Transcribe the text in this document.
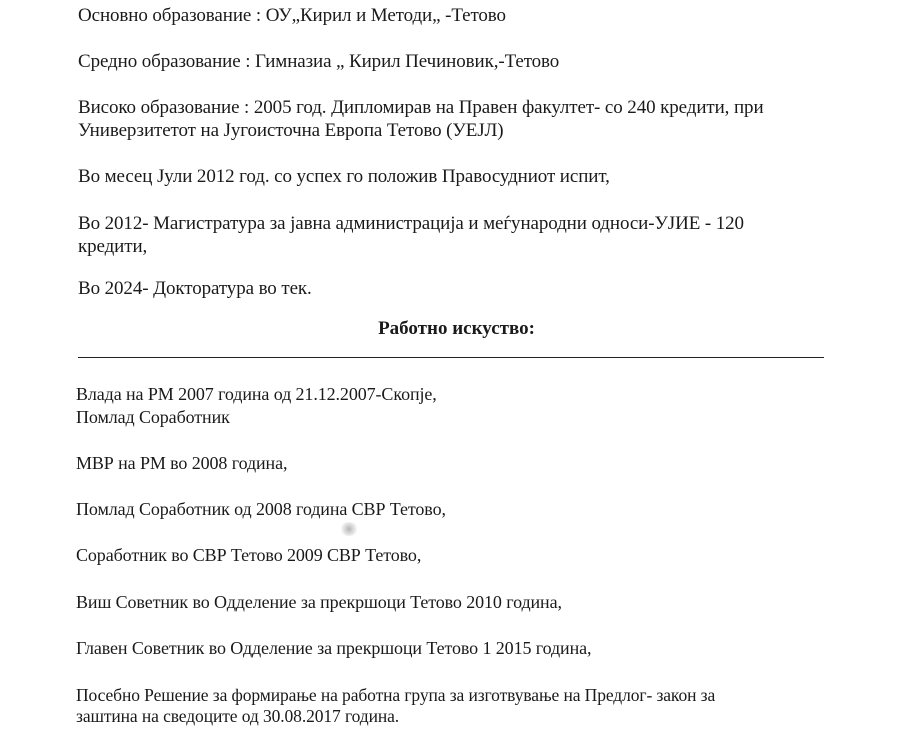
Основно образование : ОУ„Кирил и Методи„ -Тетово
Средно образование : Гимназиа „ Кирил Печиновик,-Тетово
Високо образование : 2005 год. Дипломирав на Правен факултет- со 240 кредити, при
Универзитетот на Југоисточна Европа Тетово (УЕЈЛ)
Во месец Јули 2012 год. со успех го положив Правосудниот испит,
Во 2012- Магистратура за јавна администрација и меѓународни односи-УЈИЕ - 120
кредити,
Во 2024- Докторатура во тек.
Работно искуство:
Влада на РМ 2007 година од 21.12.2007-Скопје,
Помлад Соработник
МВР на РМ во 2008 година,
Помлад Соработник од 2008 година СВР Тетово,
Соработник во СВР Тетово 2009 СВР Тетово,
Виш Советник во Одделение за прекршоци Тетово 2010 година,
Главен Советник во Одделение за прекршоци Тетово 1 2015 година,
Посебно Решение за формирање на работна група за изготвување на Предлог- закон за
заштина на сведоците од 30.08.2017 година.
